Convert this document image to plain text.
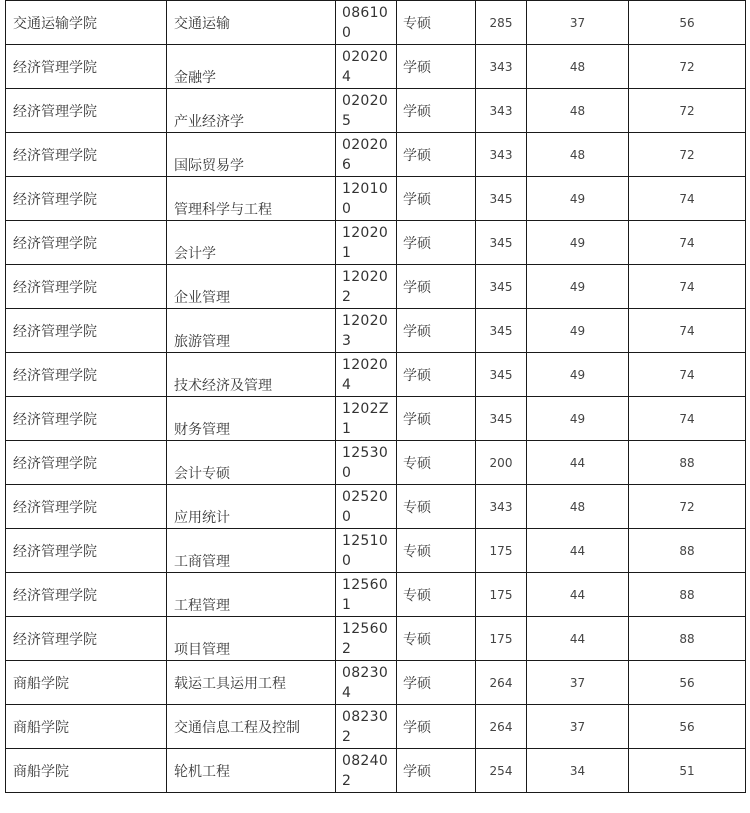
交通运输学院	交通运输	086100	专硕	285	37	56
经济管理学院	金融学	020204	学硕	343	48	72
经济管理学院	产业经济学	020205	学硕	343	48	72
经济管理学院	国际贸易学	020206	学硕	343	48	72
经济管理学院	管理科学与工程	120100	学硕	345	49	74
经济管理学院	会计学	120201	学硕	345	49	74
经济管理学院	企业管理	120202	学硕	345	49	74
经济管理学院	旅游管理	120203	学硕	345	49	74
经济管理学院	技术经济及管理	120204	学硕	345	49	74
经济管理学院	财务管理	1202Z1	学硕	345	49	74
经济管理学院	会计专硕	125300	专硕	200	44	88
经济管理学院	应用统计	025200	专硕	343	48	72
经济管理学院	工商管理	125100	专硕	175	44	88
经济管理学院	工程管理	125601	专硕	175	44	88
经济管理学院	项目管理	125602	专硕	175	44	88
商船学院	载运工具运用工程	082304	学硕	264	37	56
商船学院	交通信息工程及控制	082302	学硕	264	37	56
商船学院	轮机工程	082402	学硕	254	34	51
